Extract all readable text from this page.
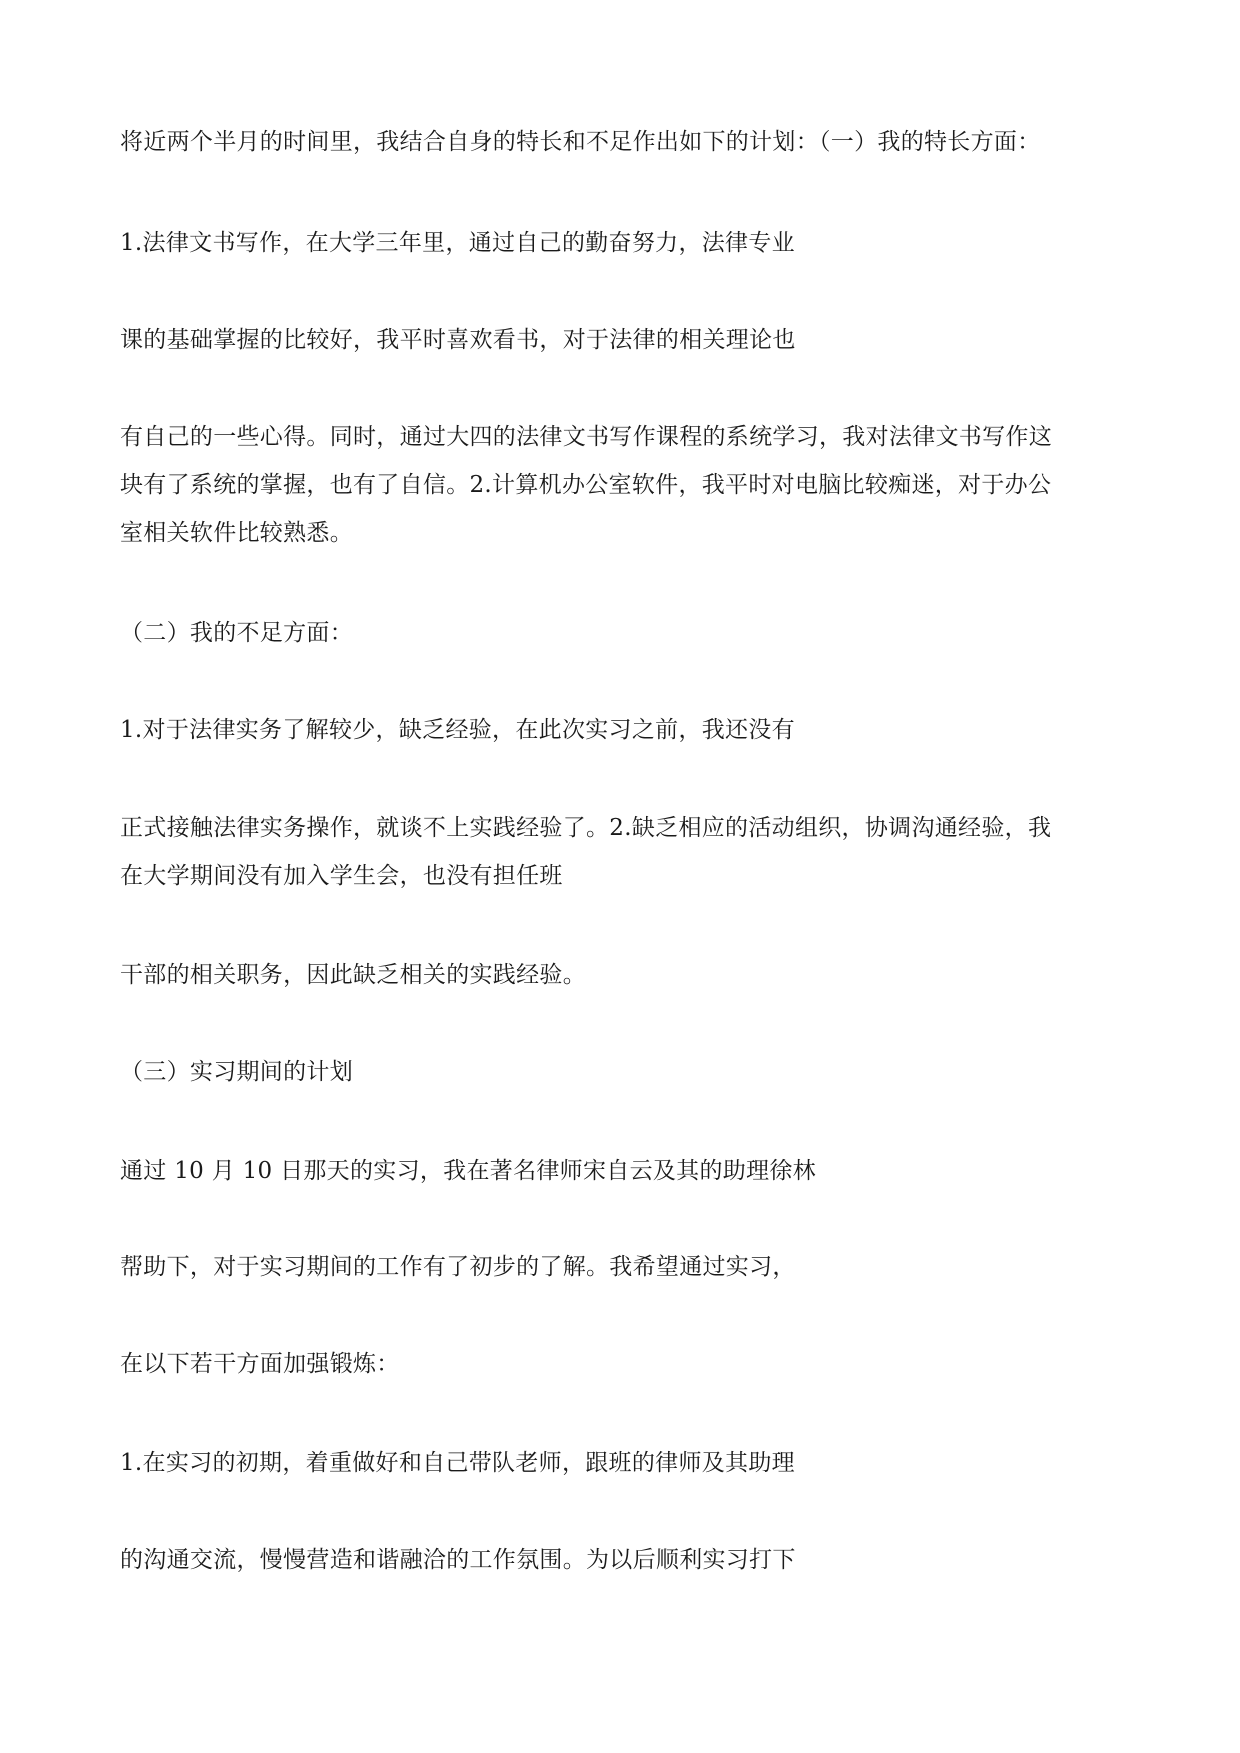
将近两个半月的时间里，我结合自身的特长和不足作出如下的计划：（一）我的特长方面：

1.法律文书写作，在大学三年里，通过自己的勤奋努力，法律专业

课的基础掌握的比较好，我平时喜欢看书，对于法律的相关理论也

有自己的一些心得。同时，通过大四的法律文书写作课程的系统学习，我对法律文书写作这

块有了系统的掌握，也有了自信。2.计算机办公室软件，我平时对电脑比较痴迷，对于办公

室相关软件比较熟悉。

（二）我的不足方面：

1.对于法律实务了解较少，缺乏经验，在此次实习之前，我还没有

正式接触法律实务操作，就谈不上实践经验了。2.缺乏相应的活动组织，协调沟通经验，我

在大学期间没有加入学生会，也没有担任班

干部的相关职务，因此缺乏相关的实践经验。

（三）实习期间的计划

通过 10 月 10 日那天的实习，我在著名律师宋自云及其的助理徐林

帮助下，对于实习期间的工作有了初步的了解。我希望通过实习，

在以下若干方面加强锻炼：

1.在实习的初期，着重做好和自己带队老师，跟班的律师及其助理

的沟通交流，慢慢营造和谐融洽的工作氛围。为以后顺利实习打下
